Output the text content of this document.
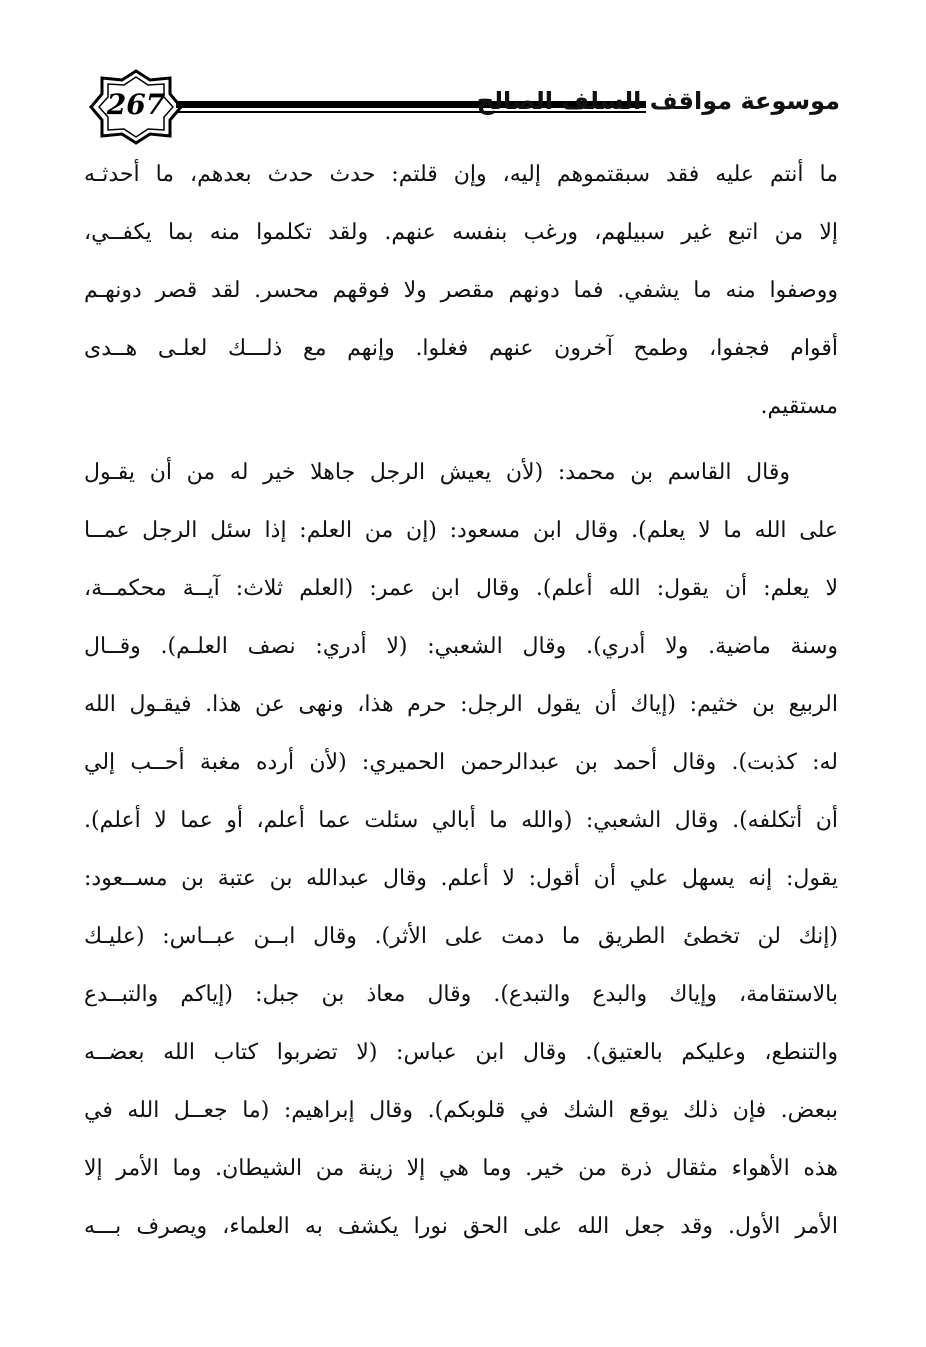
267	موسوعة مواقف السلف الصالح
ما أنتم عليه فقد سبقتموهم إليه، وإن قلتم: حدث حدث بعدهم، ما أحدثـه
إلا من اتبع غير سبيلهم، ورغب بنفسه عنهم. ولقد تكلموا منه بما يكفــي،
ووصفوا منه ما يشفي. فما دونهم مقصر ولا فوقهم محسر. لقد قصر دونهـم
أقوام فجفوا، وطمح آخرون عنهم فغلوا. وإنهم مع ذلـــك لعلـى هــدى
مستقيم.
وقال القاسم بن محمد: (لأن يعيش الرجل جاهلا خير له من أن يقـول
على الله ما لا يعلم). وقال ابن مسعود: (إن من العلم: إذا سئل الرجل عمــا
لا يعلم: أن يقول: الله أعلم). وقال ابن عمر: (العلم ثلاث: آيــة محكمــة،
وسنة ماضية. ولا أدري). وقال الشعبي: (لا أدري: نصف العلـم). وقــال
الربيع بن خثيم: (إياك أن يقول الرجل: حرم هذا، ونهى عن هذا. فيقـول الله
له: كذبت). وقال أحمد بن عبدالرحمن الحميري: (لأن أرده مغبة أحــب إلي
أن أتكلفه). وقال الشعبي: (والله ما أبالي سئلت عما أعلم، أو عما لا أعلم).
يقول: إنه يسهل علي أن أقول: لا أعلم. وقال عبدالله بن عتبة بن مســعود:
(إنك لن تخطئ الطريق ما دمت على الأثر). وقال ابــن عبــاس: (عليـك
بالاستقامة، وإياك والبدع والتبدع). وقال معاذ بن جبل: (إياكم والتبــدع
والتنطع، وعليكم بالعتيق). وقال ابن عباس: (لا تضربوا كتاب الله بعضــه
ببعض. فإن ذلك يوقع الشك في قلوبكم). وقال إبراهيم: (ما جعــل الله في
هذه الأهواء مثقال ذرة من خير. وما هي إلا زينة من الشيطان. وما الأمر إلا
الأمر الأول. وقد جعل الله على الحق نورا يكشف به العلماء، ويصرف بـــه
